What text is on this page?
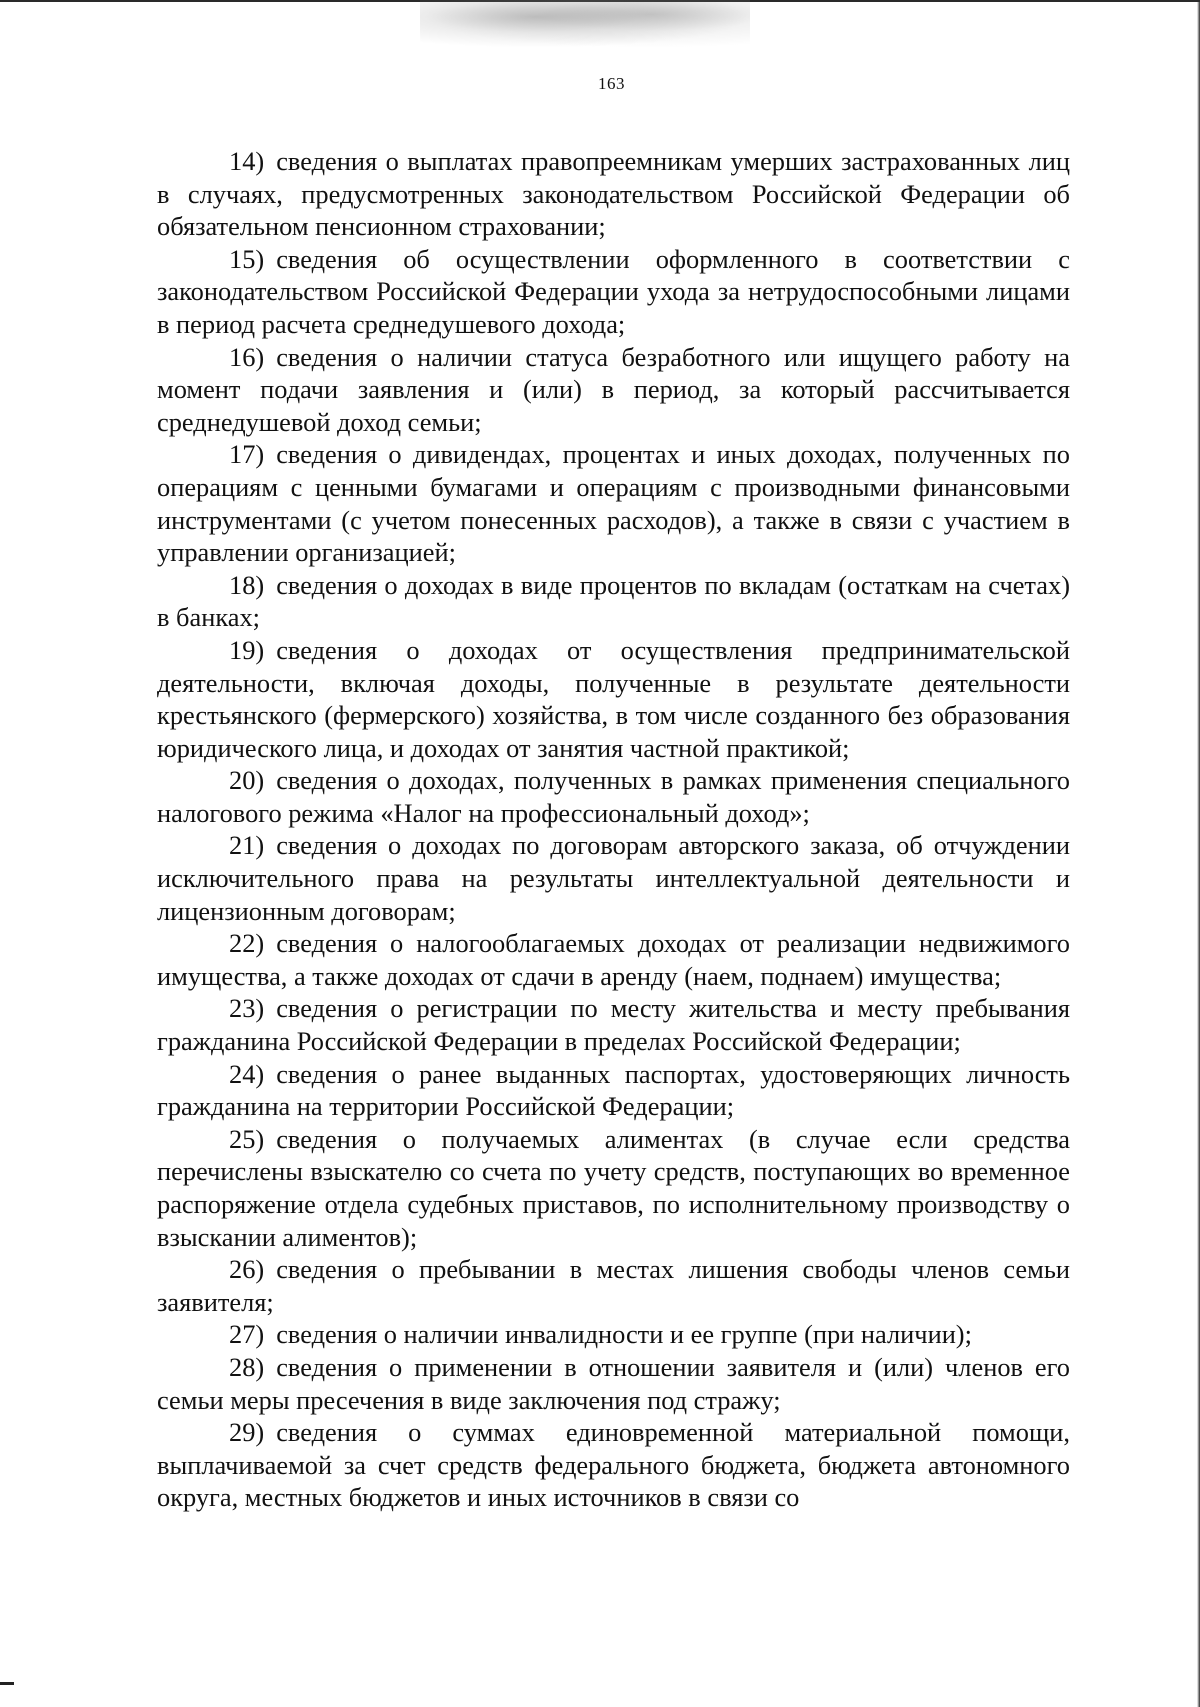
163

14) сведения о выплатах правопреемникам умерших застрахованных лиц в случаях, предусмотренных законодательством Российской Федерации об обязательном пенсионном страховании;

15) сведения об осуществлении оформленного в соответствии с законодательством Российской Федерации ухода за нетрудоспособными лицами в период расчета среднедушевого дохода;

16) сведения о наличии статуса безработного или ищущего работу на момент подачи заявления и (или) в период, за который рассчитывается среднедушевой доход семьи;

17) сведения о дивидендах, процентах и иных доходах, полученных по операциям с ценными бумагами и операциям с производными финансовыми инструментами (с учетом понесенных расходов), а также в связи с участием в управлении организацией;

18) сведения о доходах в виде процентов по вкладам (остаткам на счетах) в банках;

19) сведения о доходах от осуществления предпринимательской деятельности, включая доходы, полученные в результате деятельности крестьянского (фермерского) хозяйства, в том числе созданного без образования юридического лица, и доходах от занятия частной практикой;

20) сведения о доходах, полученных в рамках применения специального налогового режима «Налог на профессиональный доход»;

21) сведения о доходах по договорам авторского заказа, об отчуждении исключительного права на результаты интеллектуальной деятельности и лицензионным договорам;

22) сведения о налогооблагаемых доходах от реализации недвижимого имущества, а также доходах от сдачи в аренду (наем, поднаем) имущества;

23) сведения о регистрации по месту жительства и месту пребывания гражданина Российской Федерации в пределах Российской Федерации;

24) сведения о ранее выданных паспортах, удостоверяющих личность гражданина на территории Российской Федерации;

25) сведения о получаемых алиментах (в случае если средства перечислены взыскателю со счета по учету средств, поступающих во временное распоряжение отдела судебных приставов, по исполнительному производству о взыскании алиментов);

26) сведения о пребывании в местах лишения свободы членов семьи заявителя;

27) сведения о наличии инвалидности и ее группе (при наличии);

28) сведения о применении в отношении заявителя и (или) членов его семьи меры пресечения в виде заключения под стражу;

29) сведения о суммах единовременной материальной помощи, выплачиваемой за счет средств федерального бюджета, бюджета автономного округа, местных бюджетов и иных источников в связи со
